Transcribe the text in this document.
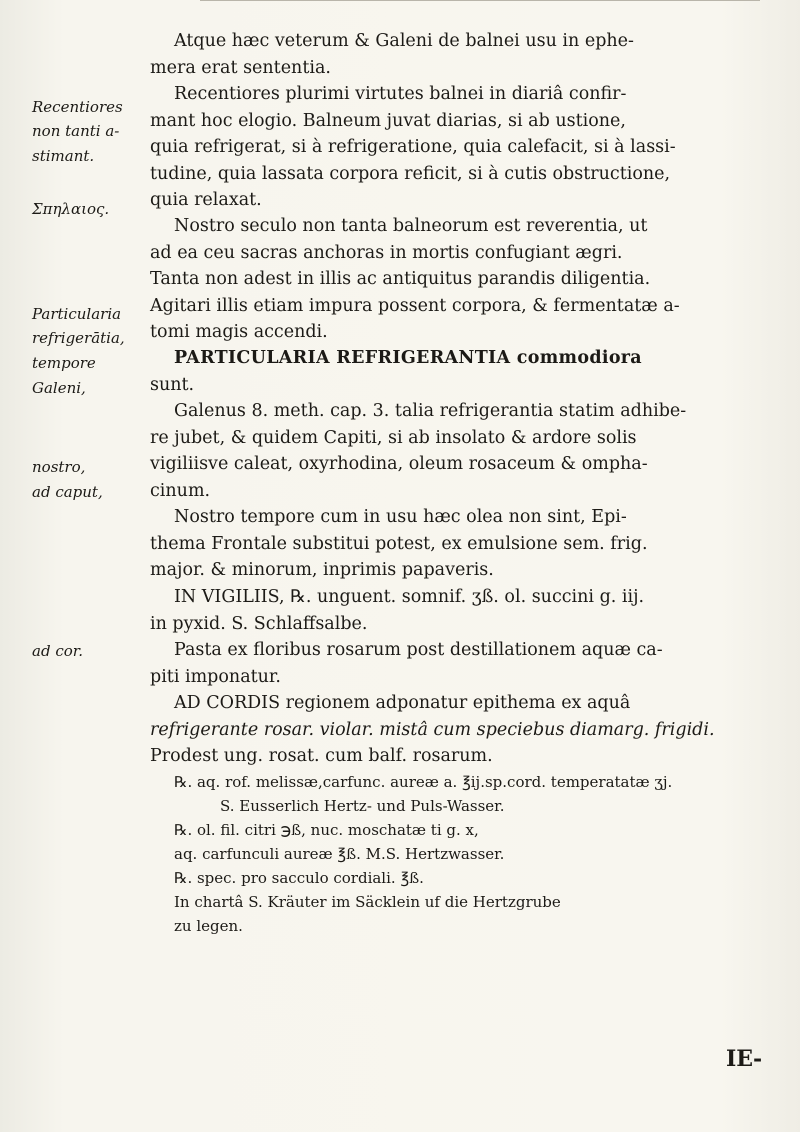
Recentiores
non tanti a-
stimant.
Σπηλαιος.
Particularia
refrigerātia,
tempore
Galeni,
nostro,
ad caput,
ad cor.
Atque hæc veterum & Galeni de balnei usu in ephe-
mera erat sententia.
Recentiores plurimi virtutes balnei in diariâ confir-
mant hoc elogio. Balneum juvat diarias, si ab ustione,
quia refrigerat, si à refrigeratione, quia calefacit, si à lassi-
tudine, quia lassata corpora reficit, si à cutis obstructione,
quia relaxat.
Nostro seculo non tanta balneorum est reverentia, ut
ad ea ceu sacras anchoras in mortis confugiant ægri.
Tanta non adest in illis ac antiquitus parandis diligentia.
Agitari illis etiam impura possent corpora, & fermentatæ a-
tomi magis accendi.
PARTICULARIA REFRIGERANTIA commodiora
sunt.
Galenus 8. meth. cap. 3. talia refrigerantia statim adhibe-
re jubet, & quidem Capiti, si ab insolato & ardore solis
vigiliisve caleat, oxyrhodina, oleum rosaceum & ompha-
cinum.
Nostro tempore cum in usu hæc olea non sint, Epi-
thema Frontale substitui potest, ex emulsione sem. frig.
major. & minorum, inprimis papaveris.
IN VIGILIIS, ℞. unguent. somnif. ʒß. ol. succini g. iij.
in pyxid. S. Schlaffsalbe.
Pasta ex floribus rosarum post destillationem aquæ ca-
piti imponatur.
AD CORDIS regionem adponatur epithema ex aquâ
refrigerante rosar. violar. mistâ cum speciebus diamarg. frigidi.
Prodest ung. rosat. cum balf. rosarum.
℞. aq. rof. melissæ,carfunc. aureæ a. ℥ij.sp.cord. temperatatæ ʒj.
S. Eusserlich Hertz- und Puls-Wasser.
℞. ol. fil. citri ℈ß, nuc. moschatæ ti g. x,
aq. carfunculi aureæ ℥ß. M.S. Hertzwasser.
℞. spec. pro sacculo cordiali. ℥ß.
In chartâ S. Kräuter im Säcklein uf die Hertzgrube
zu legen.
ΙΕ-
